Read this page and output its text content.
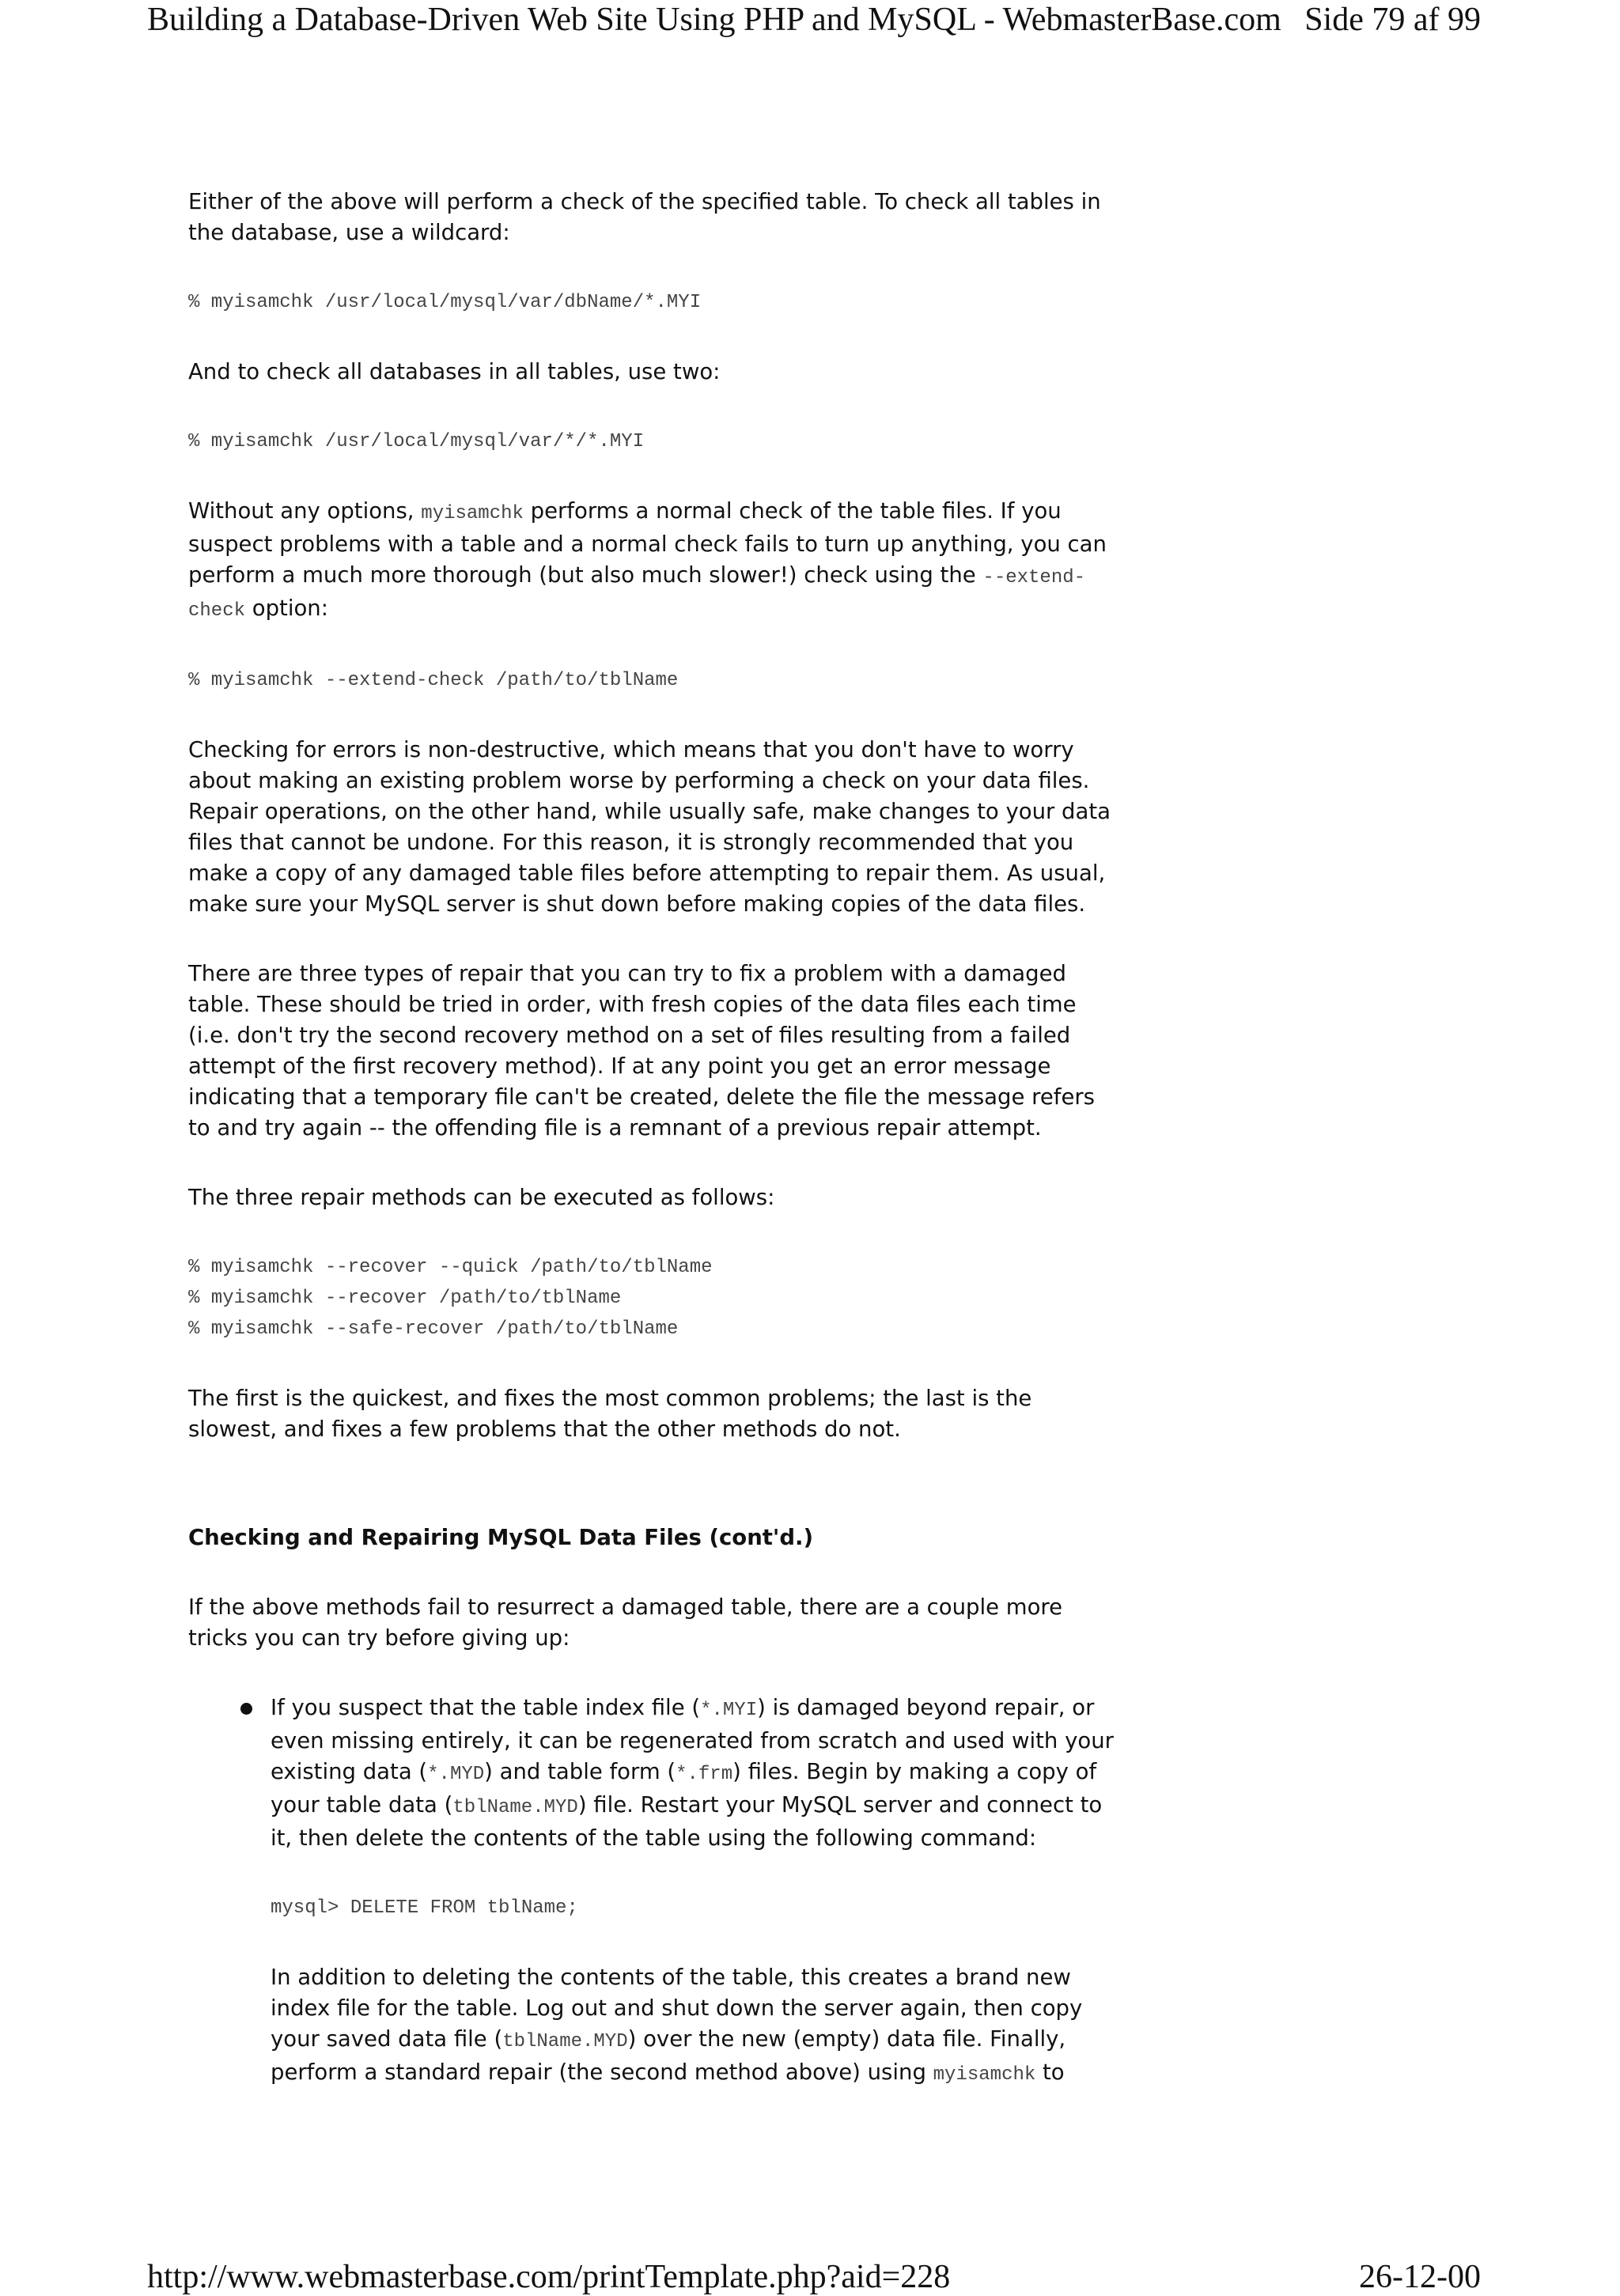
Building a Database-Driven Web Site Using PHP and MySQL - WebmasterBase.com Side 79 af 99

Either of the above will perform a check of the specified table. To check all tables in the database, use a wildcard:

% myisamchk /usr/local/mysql/var/dbName/*.MYI

And to check all databases in all tables, use two:

% myisamchk /usr/local/mysql/var/*/*.MYI

Without any options, myisamchk performs a normal check of the table files. If you suspect problems with a table and a normal check fails to turn up anything, you can perform a much more thorough (but also much slower!) check using the --extend-check option:

% myisamchk --extend-check /path/to/tblName

Checking for errors is non-destructive, which means that you don't have to worry about making an existing problem worse by performing a check on your data files. Repair operations, on the other hand, while usually safe, make changes to your data files that cannot be undone. For this reason, it is strongly recommended that you make a copy of any damaged table files before attempting to repair them. As usual, make sure your MySQL server is shut down before making copies of the data files.

There are three types of repair that you can try to fix a problem with a damaged table. These should be tried in order, with fresh copies of the data files each time (i.e. don't try the second recovery method on a set of files resulting from a failed attempt of the first recovery method). If at any point you get an error message indicating that a temporary file can't be created, delete the file the message refers to and try again -- the offending file is a remnant of a previous repair attempt.

The three repair methods can be executed as follows:

% myisamchk --recover --quick /path/to/tblName
% myisamchk --recover /path/to/tblName
% myisamchk --safe-recover /path/to/tblName

The first is the quickest, and fixes the most common problems; the last is the slowest, and fixes a few problems that the other methods do not.

Checking and Repairing MySQL Data Files (cont'd.)

If the above methods fail to resurrect a damaged table, there are a couple more tricks you can try before giving up:

If you suspect that the table index file (*.MYI) is damaged beyond repair, or even missing entirely, it can be regenerated from scratch and used with your existing data (*.MYD) and table form (*.frm) files. Begin by making a copy of your table data (tblName.MYD) file. Restart your MySQL server and connect to it, then delete the contents of the table using the following command:

mysql> DELETE FROM tblName;

In addition to deleting the contents of the table, this creates a brand new index file for the table. Log out and shut down the server again, then copy your saved data file (tblName.MYD) over the new (empty) data file. Finally, perform a standard repair (the second method above) using myisamchk to

http://www.webmasterbase.com/printTemplate.php?aid=228	26-12-00
